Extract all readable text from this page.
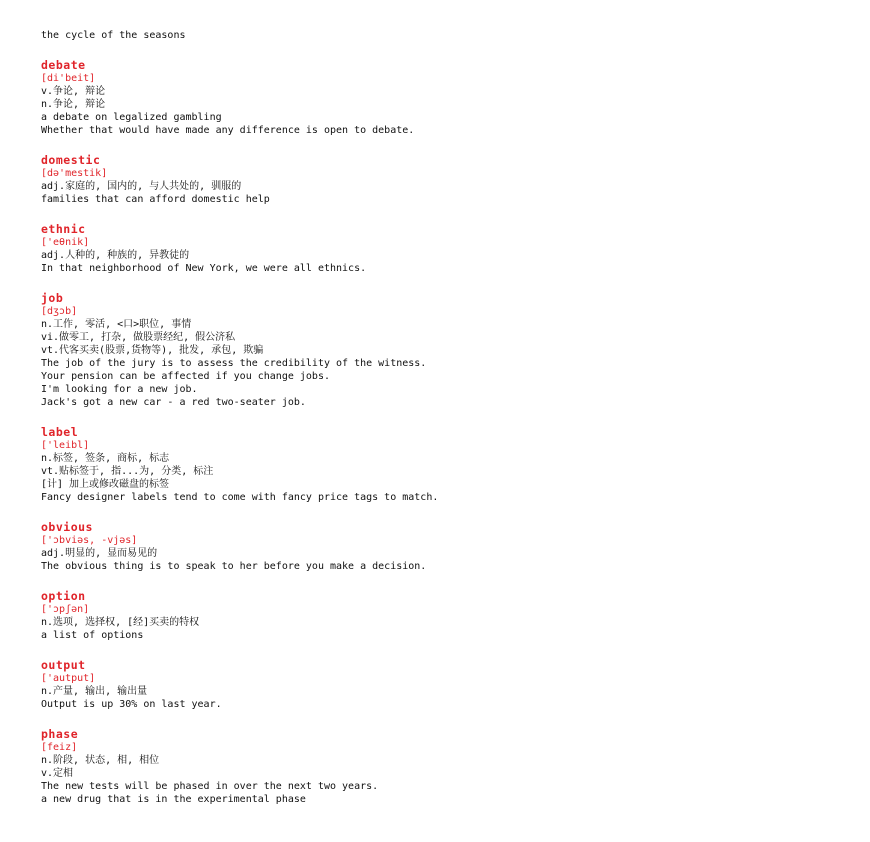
the cycle of the seasons
debate
[di'beit]
v.争论, 辩论
n.争论, 辩论
a debate on legalized gambling
Whether that would have made any difference is open to debate.
domestic
[də'mestik]
adj.家庭的, 国内的, 与人共处的, 驯服的
families that can afford domestic help
ethnic
['eθnik]
adj.人种的, 种族的, 异教徒的
In that neighborhood of New York, we were all ethnics.
job
[dʒɔb]
n.工作, 零活, <口>职位, 事情
vi.做零工, 打杂, 做股票经纪, 假公济私
vt.代客买卖(股票,货物等), 批发, 承包, 欺骗
The job of the jury is to assess the credibility of the witness.
Your pension can be affected if you change jobs.
I'm looking for a new job.
Jack's got a new car - a red two-seater job.
label
['leibl]
n.标签, 签条, 商标, 标志
vt.贴标签于, 指...为, 分类, 标注
[计] 加上或修改磁盘的标签
Fancy designer labels tend to come with fancy price tags to match.
obvious
['ɔbviəs, -vjəs]
adj.明显的, 显而易见的
The obvious thing is to speak to her before you make a decision.
option
['ɔpʃən]
n.选项, 选择权, [经]买卖的特权
a list of options
output
['autput]
n.产量, 输出, 输出量
Output is up 30% on last year.
phase
[feiz]
n.阶段, 状态, 相, 相位
v.定相
The new tests will be phased in over the next two years.
a new drug that is in the experimental phase
